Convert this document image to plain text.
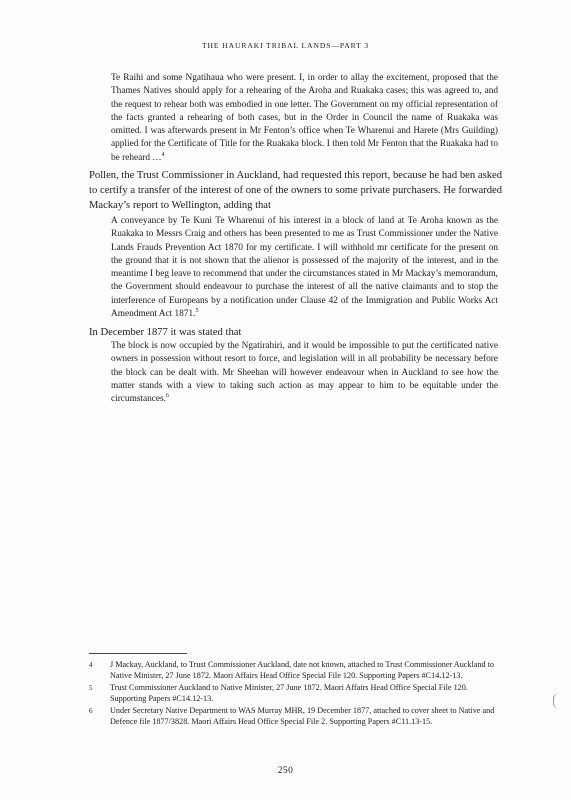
THE HAURAKI TRIBAL LANDS—PART 3

Te Raihi and some Ngatihaua who were present. I, in order to allay the excitement, proposed that the Thames Natives should apply for a rehearing of the Aroha and Ruakaka cases; this was agreed to, and the request to rehear both was embodied in one letter. The Government on my official representation of the facts granted a rehearing of both cases, but in the Order in Council the name of Ruakaka was omitted. I was afterwards present in Mr Fenton’s office when Te Wharenui and Harete (Mrs Guilding) applied for the Certificate of Title for the Ruakaka block. I then told Mr Fenton that the Ruakaka had to be reheard …$^4$

Pollen, the Trust Commissioner in Auckland, had requested this report, because he had ben asked to certify a transfer of the interest of one of the owners to some private purchasers. He forwarded Mackay’s report to Wellington, adding that

A conveyance by Te Kuni Te Wharenui of his interest in a block of land at Te Aroha known as the Ruakaka to Messrs Craig and others has been presented to me as Trust Commissioner under the Native Lands Frauds Prevention Act 1870 for my certificate. I will withhold mr certificate for the present on the ground that it is not shown that the alienor is possessed of the majority of the interest, and in the meantime I beg leave to recommend that under the circumstances stated in Mr Mackay’s memorandum, the Government should endeavour to purchase the interest of all the native claimants and to stop the interference of Europeans by a notification under Clause 42 of the Immigration and Public Works Act Amendment Act 1871.$^5$

In December 1877 it was stated that

The block is now occupied by the Ngatirahiri, and it would be impossible to put the certificated native owners in possession without resort to force, and legislation will in all probability be necessary before the block can be dealt with. Mr Sheehan will however endeavour when in Auckland to see how the matter stands with a view to taking such action as may appear to him to be equitable under the circumstances.$^6$

4	J Mackay, Auckland, to Trust Commissioner Auckland, date not known, attached to Trust Commissioner Auckland to Native Minister, 27 June 1872. Maori Affairs Head Office Special File 120. Supporting Papers #C14.12-13.
5	Trust Commissioner Auckland to Native Minister, 27 June 1872. Maori Affairs Head Office Special File 120. Supporting Papers #C14.12-13.
6	Under Secretary Native Department to WAS Murray MHR, 19 December 1877, attached to cover sheet to Native and Defence file 1877/3828. Maori Affairs Head Office Special File 2. Supporting Papers #C11.13-15.
250
